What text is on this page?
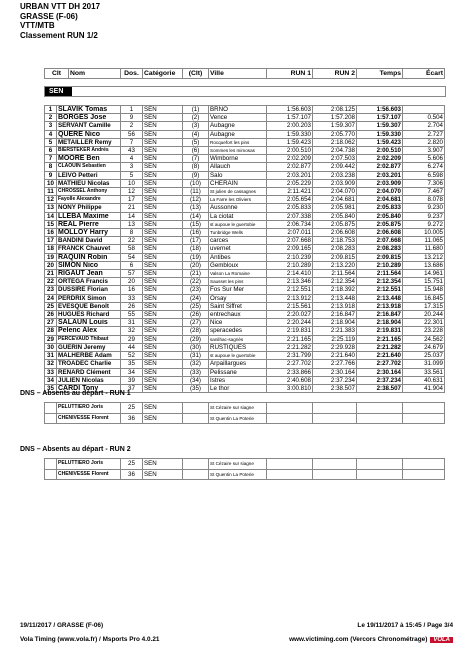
URBAN VTT DH 2017
GRASSE (F-06)
VTT/MTB
Classement RUN 1/2
Clt	Nom	Dos.	Catégorie	(Clt)	Ville	RUN 1	RUN 2	Temps	Écart
SEN
1	SLAVIK Tomas	1	SEN	(1)	BRNO	1:56.603	2:08.125	1:56.603	
2	BORGES Jose	9	SEN	(2)	Vence	1:57.107	1:57.208	1:57.107	0.504
3	SERVANT Camille	2	SEN	(3)	Aubagne	2:00.203	1:59.307	1:59.307	2.704
4	QUERE Nico	56	SEN	(4)	Aubagne	1:59.330	2:05.770	1:59.330	2.727
5	METAILLER Remy	7	SEN	(5)	Rocquefort les pins	1:59.423	2:18.062	1:59.423	2.820
6	BIERSTEKER Andrés	43	SEN	(6)	Sommes les mimosas	2:00.510	2:04.738	2:00.510	3.907
7	MOORE Ben	4	SEN	(7)	Wimborne	2:02.209	2:07.503	2:02.209	5.606
8	CLAOUIN Sebastien	3	SEN	(8)	Allauch	2:02.877	2:09.442	2:02.877	6.274
9	LEIVO Petteri	5	SEN	(9)	Salo	2:03.201	2:03.238	2:03.201	6.598
10	MATHIEU Nicolas	10	SEN	(10)	CHERAIN	2:05.229	2:03.909	2:03.909	7.306
11	CHROSSEL Anthony	12	SEN	(11)	St julien de cassagnes	2:11.421	2:04.070	2:04.070	7.467
12	Fayolle Alexandre	17	SEN	(12)	La Farre les Oliviers	2:05.654	2:04.681	2:04.681	8.078
13	NONY Philippe	21	SEN	(13)	Aussonne	2:05.833	2:05.981	2:05.833	9.230
14	LLEBA Maxime	14	SEN	(14)	La ciotat	2:07.338	2:05.840	2:05.840	9.237
15	REAL Pierre	13	SEN	(15)	st aupoue le guertobie	2:06.734	2:05.875	2:05.875	9.272
16	MOLLOY Harry	8	SEN	(16)	Tunbridge Wells	2:07.011	2:06.608	2:06.608	10.005
17	BANDINI David	22	SEN	(17)	carces	2:07.668	2:18.753	2:07.668	11.065
18	FRANCK Chauvet	58	SEN	(18)	uvernet	2:09.165	2:08.283	2:08.283	11.680
19	RAQUIN Robin	54	SEN	(19)	Antibes	2:10.239	2:09.815	2:09.815	13.212
20	SIMON Nico	6	SEN	(20)	Gembloux	2:10.289	2:13.220	2:10.289	13.686
21	RIGAUT Jean	57	SEN	(21)	Valson La Romaine	2:14.410	2:11.564	2:11.564	14.961
22	ORTEGA Francis	20	SEN	(22)	Sausset les pins	2:13.346	2:12.354	2:12.354	15.751
23	DUSSIRE Florian	16	SEN	(23)	Fos Sur Mer	2:12.551	2:18.392	2:12.551	15.948
24	PERDRIX Simon	33	SEN	(24)	Orsay	2:13.912	2:13.448	2:13.448	16.845
25	EVESQUE Benoît	26	SEN	(25)	Saint Siffret	2:15.561	2:13.918	2:13.918	17.315
26	HUGUES Richard	55	SEN	(26)	entrechaux	2:20.027	2:16.847	2:16.847	20.244
27	SALAUN Louis	31	SEN	(27)	Nice	2:20.244	2:18.904	2:18.904	22.301
28	Pelenc Alex	32	SEN	(28)	speracedes	2:19.831	2:21.383	2:19.831	23.228
29	PERCEVAUD Thibaut	29	SEN	(29)	sanilhac-sagriès	2:21.165	2:25.119	2:21.165	24.562
30	GUERIN Jeremy	44	SEN	(30)	RUSTIQUES	2:21.282	2:29.928	2:21.282	24.679
31	MALHERBE Adam	52	SEN	(31)	st aupoue le guertobie	2:31.799	2:21.640	2:21.640	25.037
32	TROADEC Charlie	35	SEN	(32)	Arpaillargues	2:27.702	2:27.766	2:27.702	31.099
33	RENARD Clément	34	SEN	(33)	Pelissane	2:33.866	2:30.164	2:30.164	33.561
34	JULIEN Nicolas	39	SEN	(34)	Istres	2:40.608	2:37.234	2:37.234	40.631
35	CARDI Tony	37	SEN	(35)	Le thor	3:00.810	2:38.507	2:38.507	41.904
DNS – Absents au départ - RUN 1
	PELUTTIERO Joris	25	SEN		St Cézaire sur siagne				
	CHENIVESSE Florent	36	SEN		St Quentin La Poterie				
DNS – Absents au départ - RUN 2
	PELUTTIERO Joris	25	SEN		St Cézaire sur siagne				
	CHENIVESSE Florent	36	SEN		St Quentin La Poterie				
19/11/2017 / GRASSE (F-06)	Le 19/11/2017 à 15:45 / Page 3/4
Vola Timing (www.vola.fr) / Msports Pro 4.0.21	www.victiming.com (Vercors Chronométrage) VOLA
